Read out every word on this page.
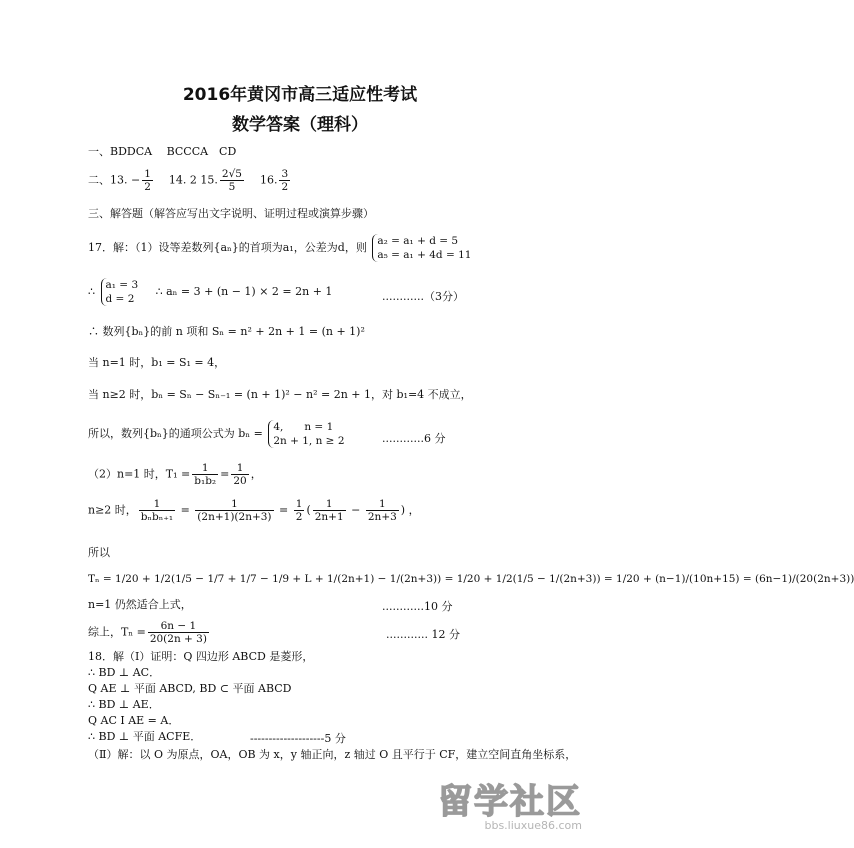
2016年黄冈市高三适应性考试
数学答案（理科）
一、BDDCA　 BCCCA　CD
二、13. − $\frac{1}{2} 14$. 2 15. $\frac{2√5}{5} 16$. $\frac{3}{2}$
三、解答题（解答应写出文字说明、证明过程或演算步骤）
17．解：（1）设等差数列{aₙ}的首项为a₁，公差为d，则 a₂ = a₁ + d = 5
a₅ = a₁ + 4d = 11
∴ a₁ = 3
d = 2     ∴ aₙ = 3 + (n − 1) × 2 = 2n + 1	............（3分）
∴ 数列{bₙ}的前 n 项和 Sₙ = n² + 2n + 1 = (n + 1)²
当 n=1 时，b₁ = S₁ = 4，
当 n≥2 时，bₙ = Sₙ − Sₙ₋₁ = (n + 1)² − n² = 2n + 1，对 b₁=4 不成立，
所以，数列{bₙ}的通项公式为 bₙ = 4,　　n = 1
2n + 1, n ≥ 2	............6 分
（2）n=1 时，$T_1 = \frac{1}{\text{b₁b₂}} = \frac{1}{20}$ ，
n≥2 时， $\frac{1}{\text{bₙbₙ₊₁}} = \frac{1}{(2n+1)(2n+3)} = \frac{1}{2}$ ( $\frac{1}{2n+1} - \frac{1}{2n+3}$ ) ，
所以
Tₙ = 1/20 + 1/2(1/5 − 1/7 + 1/7 − 1/9 + L + 1/(2n+1) − 1/(2n+3)) = 1/20 + 1/2(1/5 − 1/(2n+3)) = 1/20 + (n−1)/(10n+15) = (6n−1)/(20(2n+3))
n=1 仍然适合上式，	............10 分
综上，$T_n = \frac{6n - 1}{20(2n + 3)}$	............ 12 分
18．解（Ⅰ）证明：Q 四边形 ABCD 是菱形，
∴ BD ⊥ AC．
Q AE ⊥ 平面 ABCD, BD ⊂ 平面 ABCD
∴ BD ⊥ AE．
Q AC I AE = A．
∴ BD ⊥ 平面 ACFE．	--------------------5 分
（Ⅱ）解：以 O 为原点，OA，OB 为 x，y 轴正向，z 轴过 O 且平行于 CF，建立空间直角坐标系，
留学社区
bbs.liuxue86.com
